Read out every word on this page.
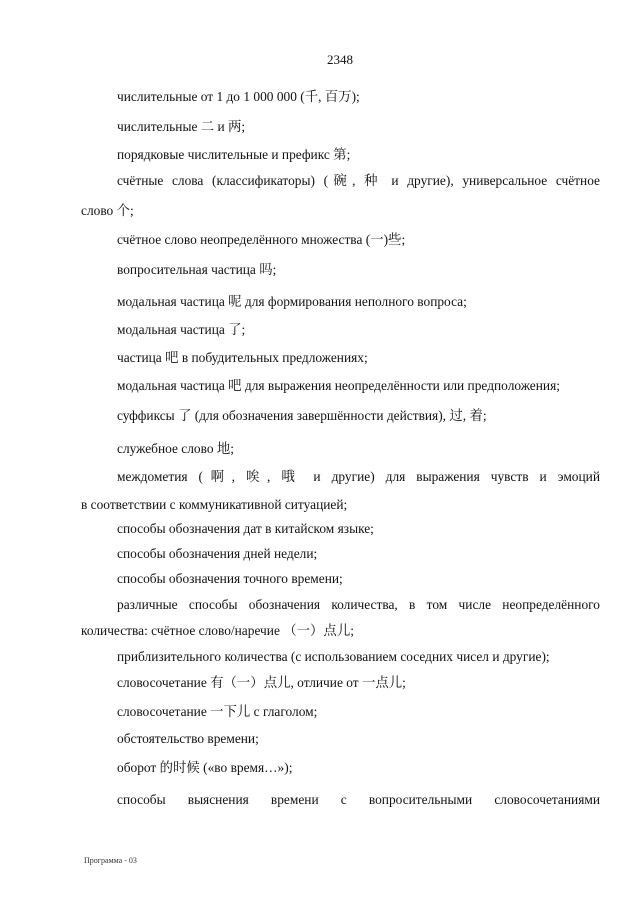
2348
числительные от 1 до 1 000 000 (千, 百万);
числительные 二 и 两;
порядковые числительные и префикс 第;
счётные слова (классификаторы) (碗, 种 и другие), универсальное счётное
слово 个;
счётное слово неопределённого множества (一)些;
вопросительная частица 吗;
модальная частица 呢 для формирования неполного вопроса;
модальная частица 了;
частица 吧 в побудительных предложениях;
модальная частица 吧 для выражения неопределённости или предположения;
суффиксы 了 (для обозначения завершённости действия), 过, 着;
служебное слово 地;
междометия (啊, 唉, 哦 и другие) для выражения чувств и эмоций
в соответствии с коммуникативной ситуацией;
способы обозначения дат в китайском языке;
способы обозначения дней недели;
способы обозначения точного времени;
различные способы обозначения количества, в том числе неопределённого
количества: счётное слово/наречие （一）点儿;
приблизительного количества (с использованием соседних чисел и другие);
словосочетание 有（一）点儿, отличие от 一点儿;
словосочетание 一下儿 с глаголом;
обстоятельство времени;
оборот 的时候 («во время…»);
способы выяснения времени с вопросительными словосочетаниями
Программа - 03
